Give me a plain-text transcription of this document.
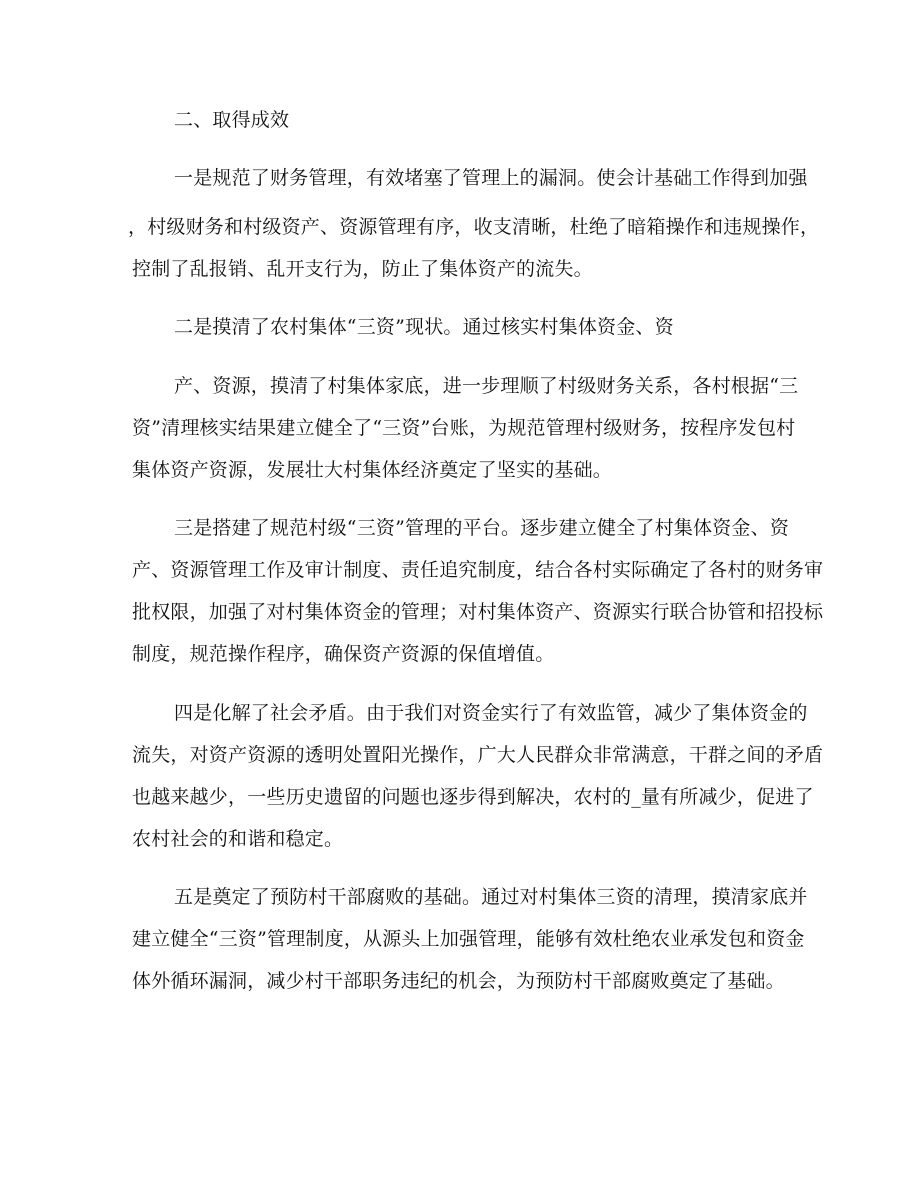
二、取得成效
一是规范了财务管理，有效堵塞了管理上的漏洞。使会计基础工作得到加强
，村级财务和村级资产、资源管理有序，收支清晰，杜绝了暗箱操作和违规操作，
控制了乱报销、乱开支行为，防止了集体资产的流失。
二是摸清了农村集体“三资”现状。通过核实村集体资金、资
产、资源，摸清了村集体家底，进一步理顺了村级财务关系，各村根据“三
资”清理核实结果建立健全了“三资”台账，为规范管理村级财务，按程序发包村
集体资产资源，发展壮大村集体经济奠定了坚实的基础。
三是搭建了规范村级“三资”管理的平台。逐步建立健全了村集体资金、资
产、资源管理工作及审计制度、责任追究制度，结合各村实际确定了各村的财务审
批权限，加强了对村集体资金的管理；对村集体资产、资源实行联合协管和招投标
制度，规范操作程序，确保资产资源的保值增值。
四是化解了社会矛盾。由于我们对资金实行了有效监管，减少了集体资金的
流失，对资产资源的透明处置阳光操作，广大人民群众非常满意，干群之间的矛盾
也越来越少，一些历史遗留的问题也逐步得到解决，农村的_量有所减少，促进了
农村社会的和谐和稳定。
五是奠定了预防村干部腐败的基础。通过对村集体三资的清理，摸清家底并
建立健全“三资”管理制度，从源头上加强管理，能够有效杜绝农业承发包和资金
体外循环漏洞，减少村干部职务违纪的机会，为预防村干部腐败奠定了基础。
